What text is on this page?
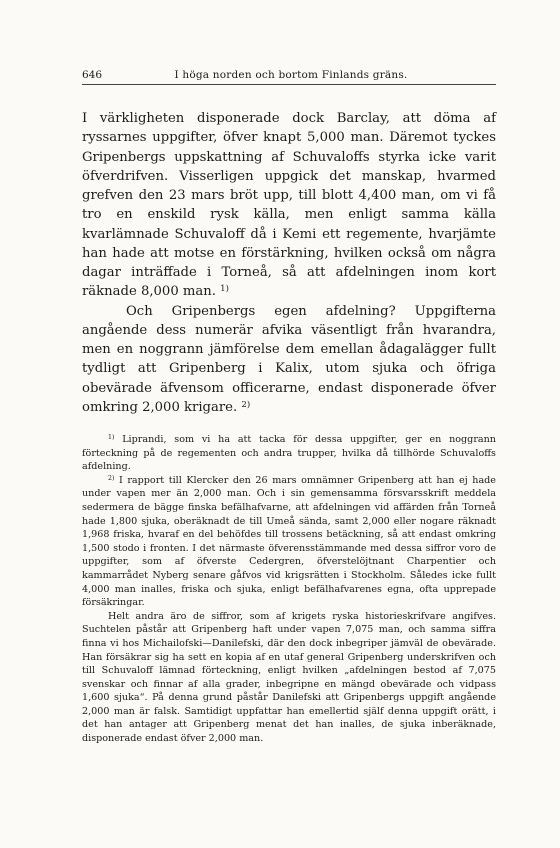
646	I höga norden och bortom Finlands gräns.

I värkligheten disponerade dock Barclay, att döma af ryssarnes uppgifter, öfver knapt 5,000 man. Däremot tyckes Gripenbergs uppskattning af Schuvaloffs styrka icke varit öfverdrifven. Visserligen uppgick det manskap, hvarmed grefven den 23 mars bröt upp, till blott 4,400 man, om vi få tro en enskild rysk källa, men enligt samma källa kvarlämnade Schuvaloff då i Kemi ett regemente, hvarjämte han hade att motse en förstärkning, hvilken också om några dagar inträffade i Torneå, så att afdelningen inom kort räknade 8,000 man. $^{1)}$

Och Gripenbergs egen afdelning? Uppgifterna angående dess numerär afvika väsentligt från hvarandra, men en noggrann jämförelse dem emellan ådagalägger fullt tydligt att Gripenberg i Kalix, utom sjuka och öfriga obevärade äfvensom officerarne, endast disponerade öfver omkring 2,000 krigare. $^{2)}$

$^{1)}$ Liprandi, som vi ha att tacka för dessa uppgifter, ger en noggrann förteckning på de regementen och andra trupper, hvilka då tillhörde Schuvaloffs afdelning.

$^{2)}$ I rapport till Klercker den 26 mars omnämner Gripenberg att han ej hade under vapen mer än 2,000 man. Och i sin gemensamma försvarsskrift meddela sedermera de bägge finska befälhafvarne, att afdelningen vid affärden från Torneå hade 1,800 sjuka, oberäknadt de till Umeå sända, samt 2,000 eller nogare räknadt 1,968 friska, hvaraf en del behöfdes till trossens betäckning, så att endast omkring 1,500 stodo i fronten. I det närmaste öfverensstämmande med dessa siffror voro de uppgifter, som af öfverste Cedergren, öfverstelöjtnant Charpentier och kammarrådet Nyberg senare gåfvos vid krigsrätten i Stockholm. Således icke fullt 4,000 man inalles, friska och sjuka, enligt befälhafvarenes egna, ofta upprepade försäkringar.

Helt andra äro de siffror, som af krigets ryska historieskrifvare angifves. Suchtelen påstår att Gripenberg haft under vapen 7,075 man, och samma siffra finna vi hos Michailofski—Danilefski, där den dock inbegriper jämväl de obevärade. Han försäkrar sig ha sett en kopia af en utaf general Gripenberg underskrifven och till Schuvaloff lämnad förteckning, enligt hvilken „afdelningen bestod af 7,075 svenskar och finnar af alla grader, inbegripne en mängd obevärade och vidpass 1,600 sjuka“. På denna grund påstår Danilefski att Gripenbergs uppgift angående 2,000 man är falsk. Samtidigt uppfattar han emellertid själf denna uppgift orätt, i det han antager att Gripenberg menat det han inalles, de sjuka inberäknade, disponerade endast öfver 2,000 man.
